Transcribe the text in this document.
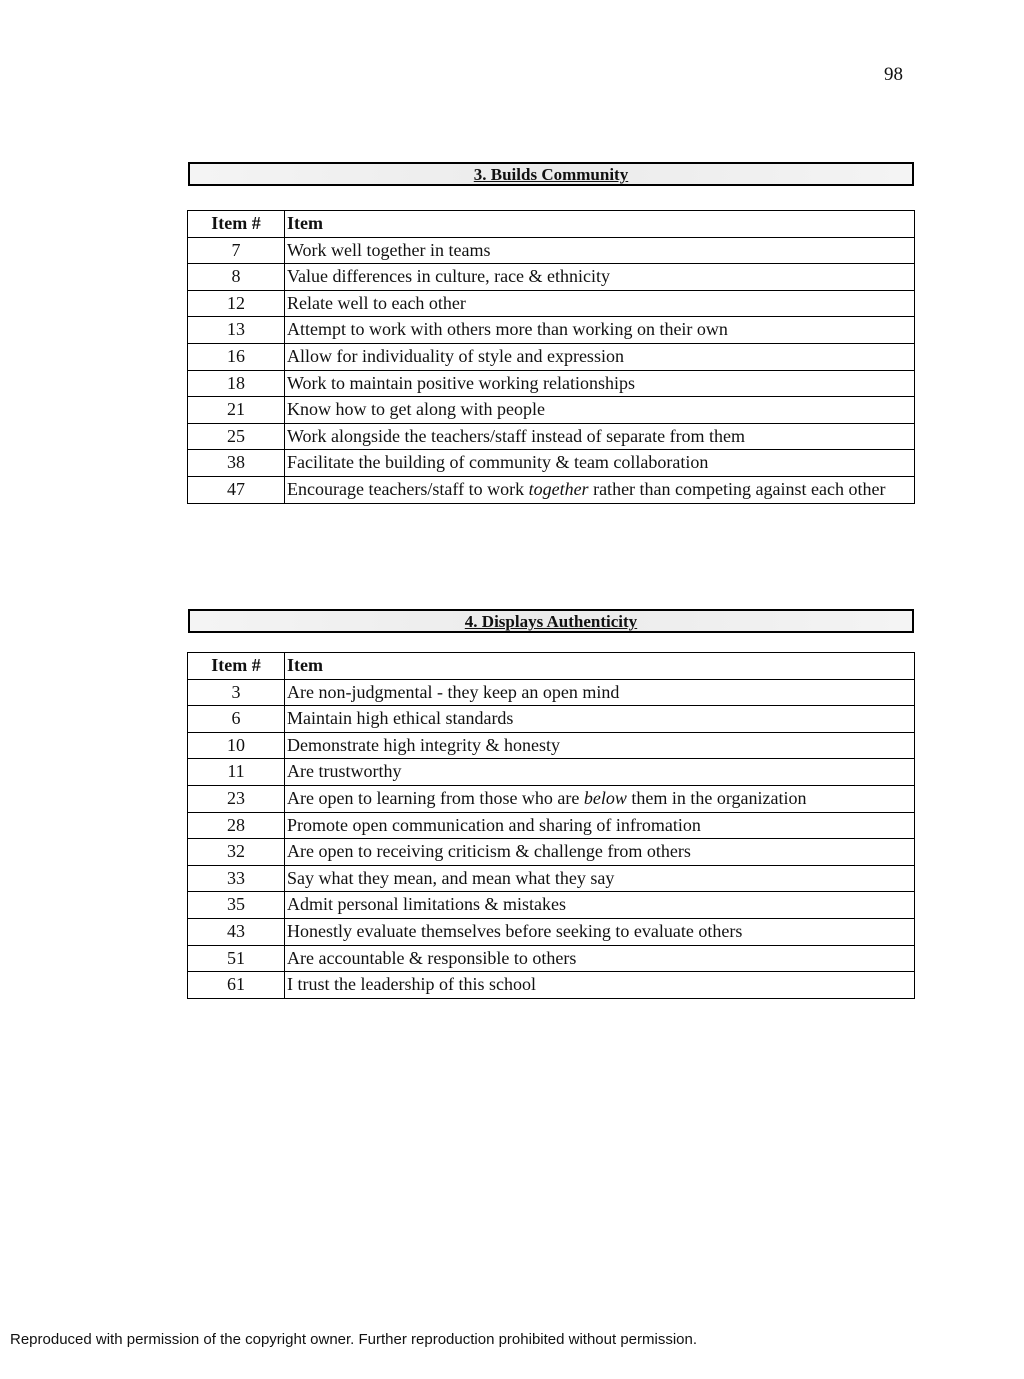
98
3. Builds Community
Item #	Item
7	Work well together in teams
8	Value differences in culture, race & ethnicity
12	Relate well to each other
13	Attempt to work with others more than working on their own
16	Allow for individuality of style and expression
18	Work to maintain positive working relationships
21	Know how to get along with people
25	Work alongside the teachers/staff instead of separate from them
38	Facilitate the building of community & team collaboration
47	Encourage teachers/staff to work together rather than competing against each other
4. Displays Authenticity
Item #	Item
3	Are non-judgmental - they keep an open mind
6	Maintain high ethical standards
10	Demonstrate high integrity & honesty
11	Are trustworthy
23	Are open to learning from those who are below them in the organization
28	Promote open communication and sharing of infromation
32	Are open to receiving criticism & challenge from others
33	Say what they mean, and mean what they say
35	Admit personal limitations & mistakes
43	Honestly evaluate themselves before seeking to evaluate others
51	Are accountable & responsible to others
61	I trust the leadership of this school
Reproduced with permission of the copyright owner. Further reproduction prohibited without permission.
